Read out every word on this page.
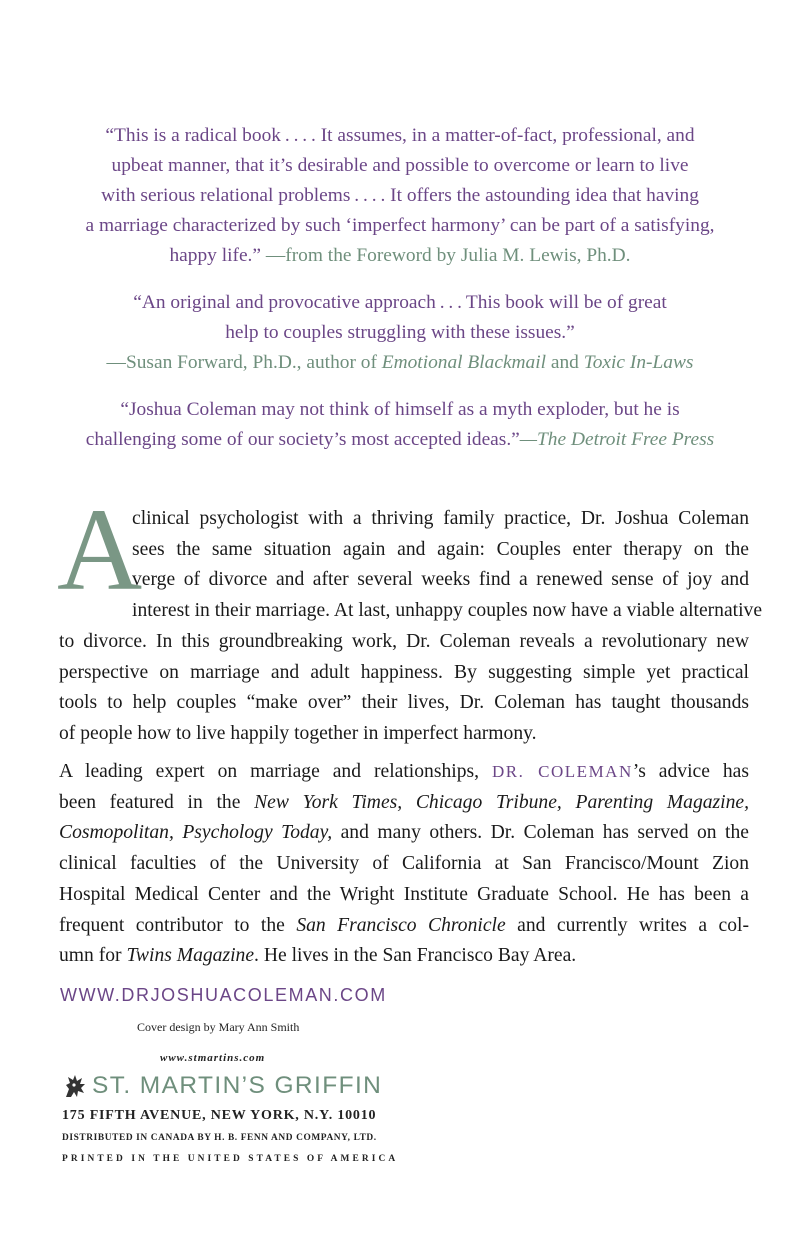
“This is a radical book . . . . It assumes, in a matter-of-fact, professional, and
upbeat manner, that it’s desirable and possible to overcome or learn to live
with serious relational problems . . . . It offers the astounding idea that having
a marriage characterized by such ‘imperfect harmony’ can be part of a satisfying,
happy life.” —from the Foreword by Julia M. Lewis, Ph.D.

“An original and provocative approach . . . This book will be of great
help to couples struggling with these issues.”
—Susan Forward, Ph.D., author of Emotional Blackmail and Toxic In-Laws

“Joshua Coleman may not think of himself as a myth exploder, but he is
challenging some of our society’s most accepted ideas.”—The Detroit Free Press

A
clinical psychologist with a thriving family practice, Dr. Joshua Coleman
sees the same situation again and again: Couples enter therapy on the
verge of divorce and after several weeks find a renewed sense of joy and
interest in their marriage. At last, unhappy couples now have a viable alternative
to divorce. In this groundbreaking work, Dr. Coleman reveals a revolutionary new
perspective on marriage and adult happiness. By suggesting simple yet practical
tools to help couples “make over” their lives, Dr. Coleman has taught thousands
of people how to live happily together in imperfect harmony.
A leading expert on marriage and relationships, DR. COLEMAN’s advice has
been featured in the New York Times, Chicago Tribune, Parenting Magazine,
Cosmopolitan, Psychology Today, and many others. Dr. Coleman has served on the
clinical faculties of the University of California at San Francisco/Mount Zion
Hospital Medical Center and the Wright Institute Graduate School. He has been a
frequent contributor to the San Francisco Chronicle and currently writes a col-
umn for Twins Magazine. He lives in the San Francisco Bay Area.
WWW.DRJOSHUACOLEMAN.COM
Cover design by Mary Ann Smith
www.stmartins.com
ST. MARTIN’S GRIFFIN
175 FIFTH AVENUE, NEW YORK, N.Y. 10010
DISTRIBUTED IN CANADA BY H. B. FENN AND COMPANY, LTD.
PRINTED IN THE UNITED STATES OF AMERICA
